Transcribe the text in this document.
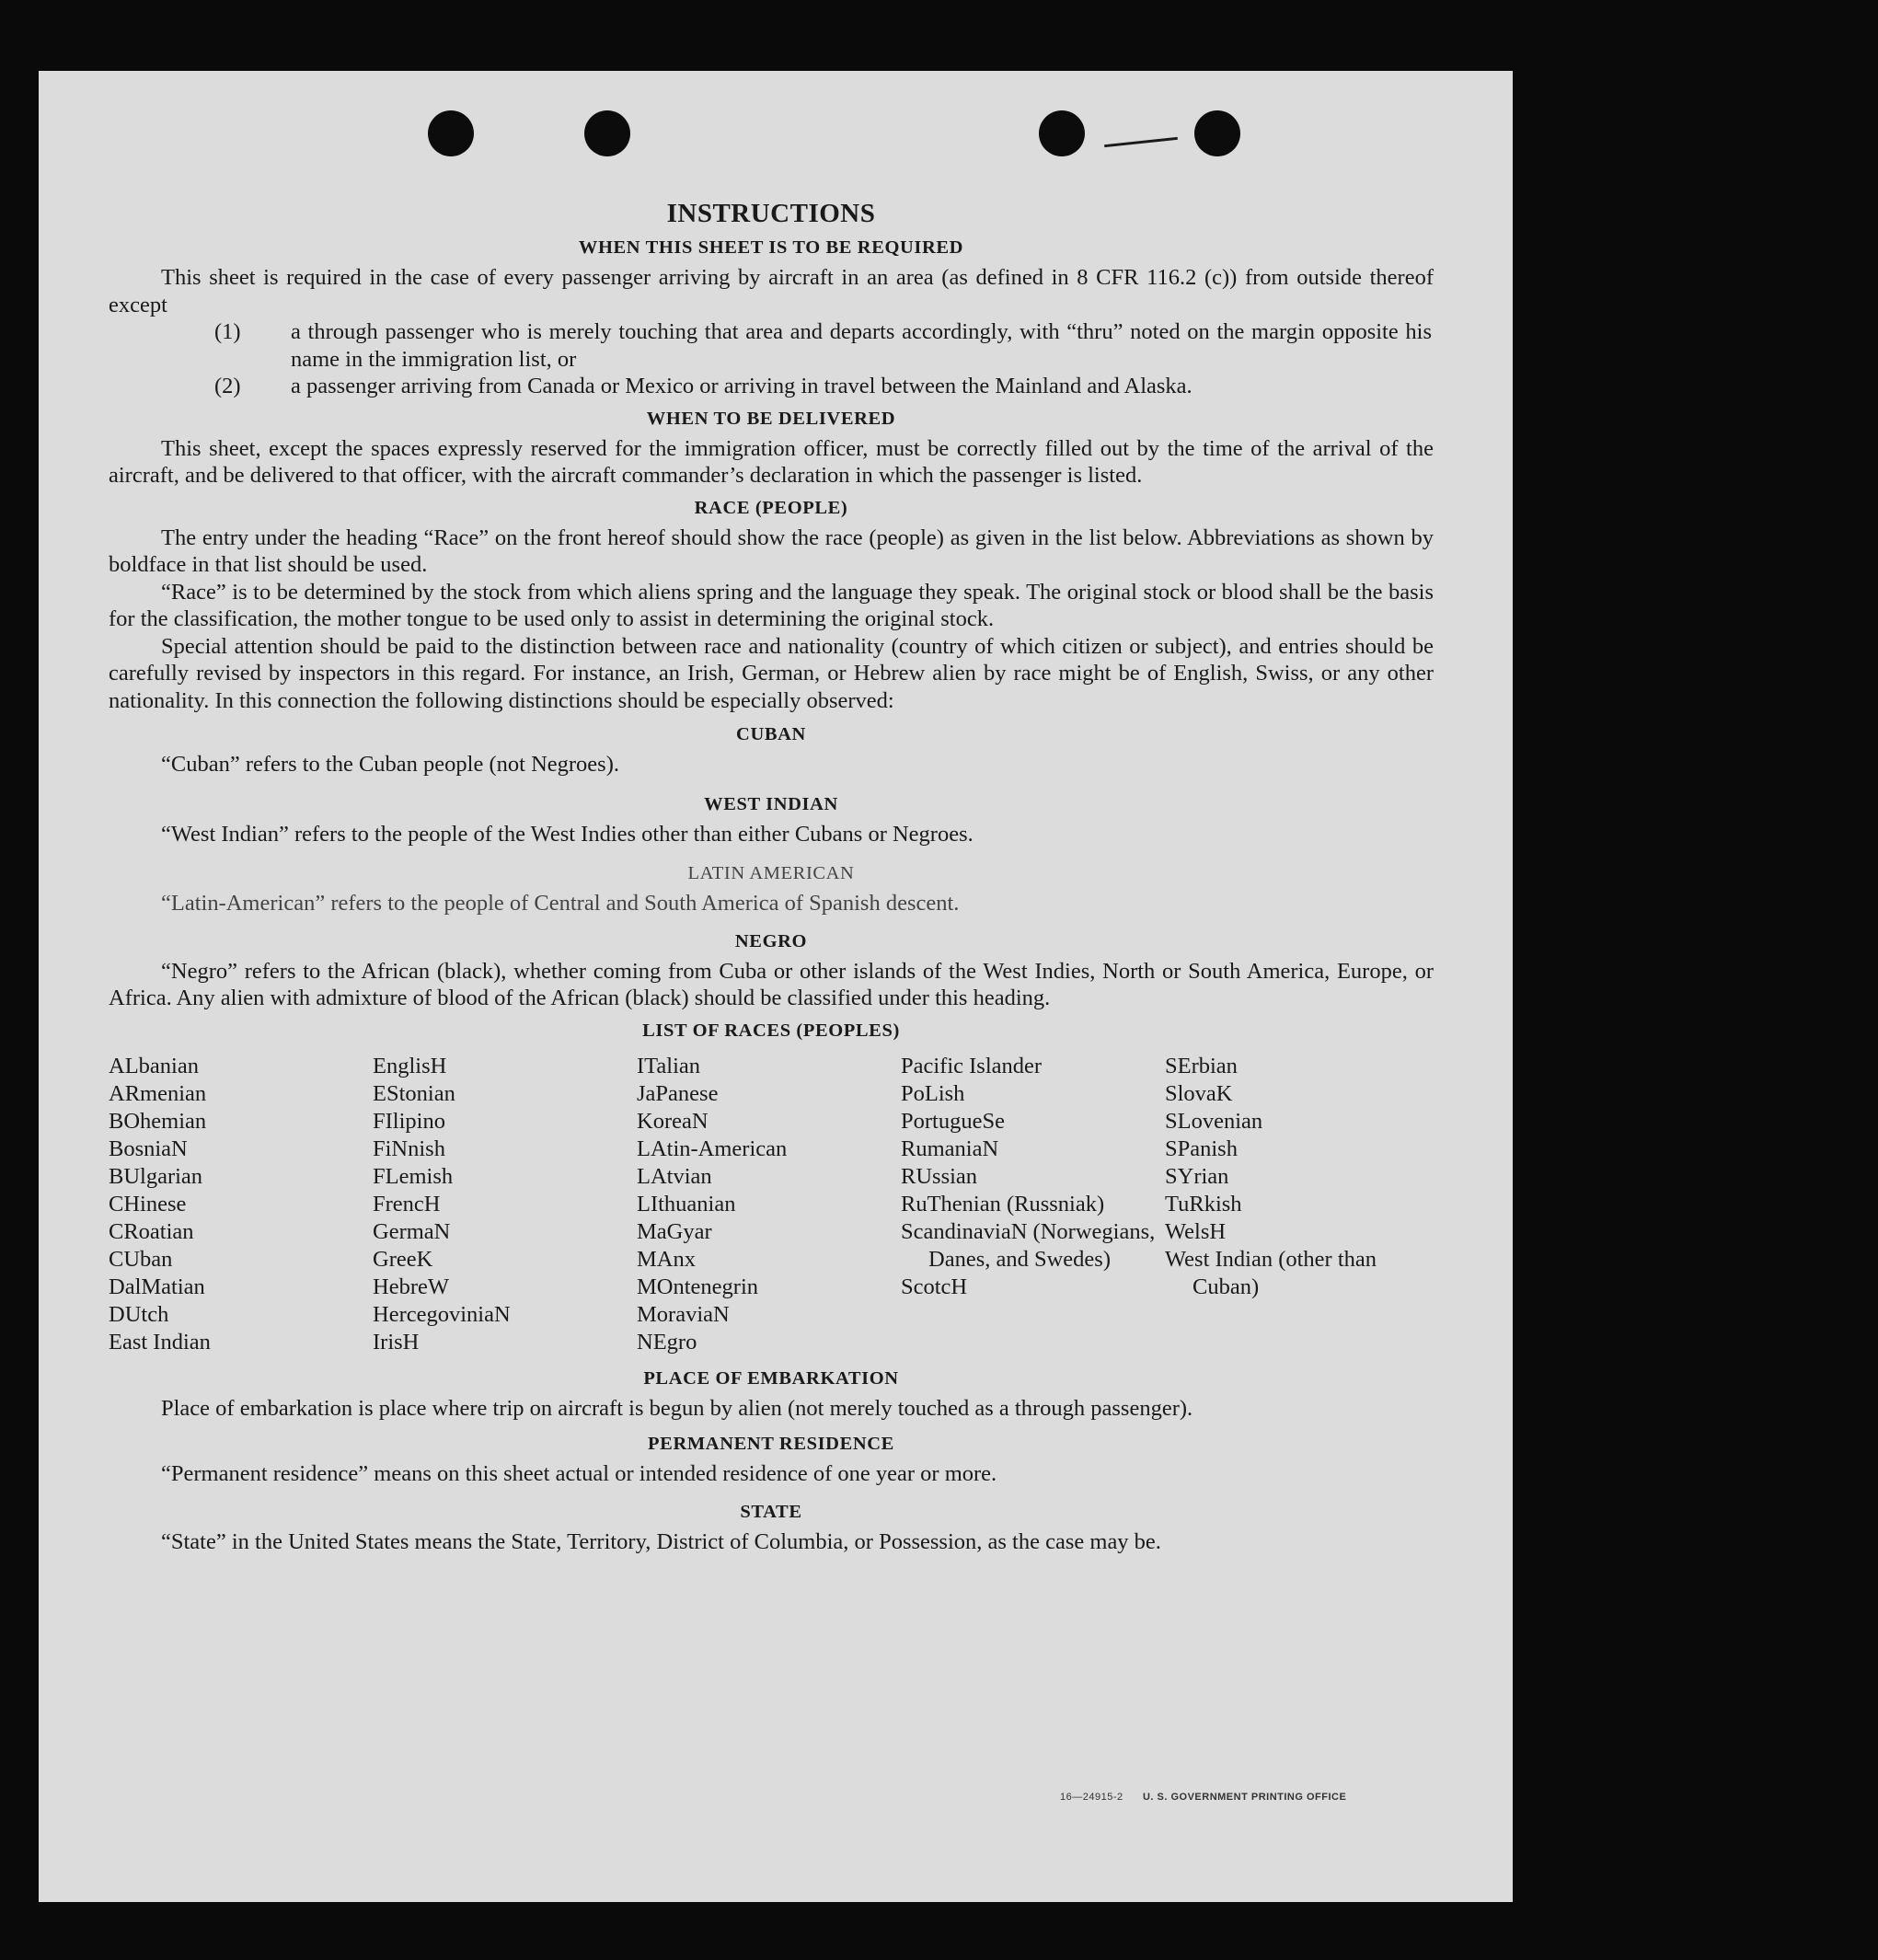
INSTRUCTIONS
WHEN THIS SHEET IS TO BE REQUIRED

This sheet is required in the case of every passenger arriving by aircraft in an area (as defined in 8 CFR 116.2 (c)) from outside thereof except

(1) a through passenger who is merely touching that area and departs accordingly, with “thru” noted on the margin opposite his name in the immigration list, or
(2) a passenger arriving from Canada or Mexico or arriving in travel between the Mainland and Alaska.
WHEN TO BE DELIVERED

This sheet, except the spaces expressly reserved for the immigration officer, must be correctly filled out by the time of the arrival of the aircraft, and be delivered to that officer, with the aircraft commander’s declaration in which the passenger is listed.

RACE (PEOPLE)

The entry under the heading “Race” on the front hereof should show the race (people) as given in the list below. Abbreviations as shown by boldface in that list should be used.

“Race” is to be determined by the stock from which aliens spring and the language they speak. The original stock or blood shall be the basis for the classification, the mother tongue to be used only to assist in determining the original stock.

Special attention should be paid to the distinction between race and nationality (country of which citizen or subject), and entries should be carefully revised by inspectors in this regard. For instance, an Irish, German, or Hebrew alien by race might be of English, Swiss, or any other nationality. In this connection the following distinctions should be especially observed:

CUBAN

“Cuban” refers to the Cuban people (not Negroes).

WEST INDIAN

“West Indian” refers to the people of the West Indies other than either Cubans or Negroes.

LATIN AMERICAN

“Latin-American” refers to the people of Central and South America of Spanish descent.

NEGRO

“Negro” refers to the African (black), whether coming from Cuba or other islands of the West Indies, North or South America, Europe, or Africa. Any alien with admixture of blood of the African (black) should be classified under this heading.

LIST OF RACES (PEOPLES)
ALbanian
ARmenian
BOhemian
BosniaN
BUlgarian
CHinese
CRoatian
CUban
DalMatian
DUtch
East Indian
EnglisH
EStonian
FIlipino
FiNnish
FLemish
FrencH
GermaN
GreeK
HebreW
HercegoviniaN
IrisH
ITalian
JaPanese
KoreaN
LAtin-American
LAtvian
LIthuanian
MaGyar
MAnx
MOntenegrin
MoraviaN
NEgro
Pacific Islander
PoLish
PortugueSe
RumaniaN
RUssian
RuThenian (Russniak)
ScandinaviaN (Norwegians, Danes, and Swedes)
ScotcH
SErbian
SlovaK
SLovenian
SPanish
SYrian
TuRkish
WelsH
West Indian (other than Cuban)
PLACE OF EMBARKATION

Place of embarkation is place where trip on aircraft is begun by alien (not merely touched as a through passenger).

PERMANENT RESIDENCE

“Permanent residence” means on this sheet actual or intended residence of one year or more.

STATE

“State” in the United States means the State, Territory, District of Columbia, or Possession, as the case may be.

16—24915-2 U. S. GOVERNMENT PRINTING OFFICE
